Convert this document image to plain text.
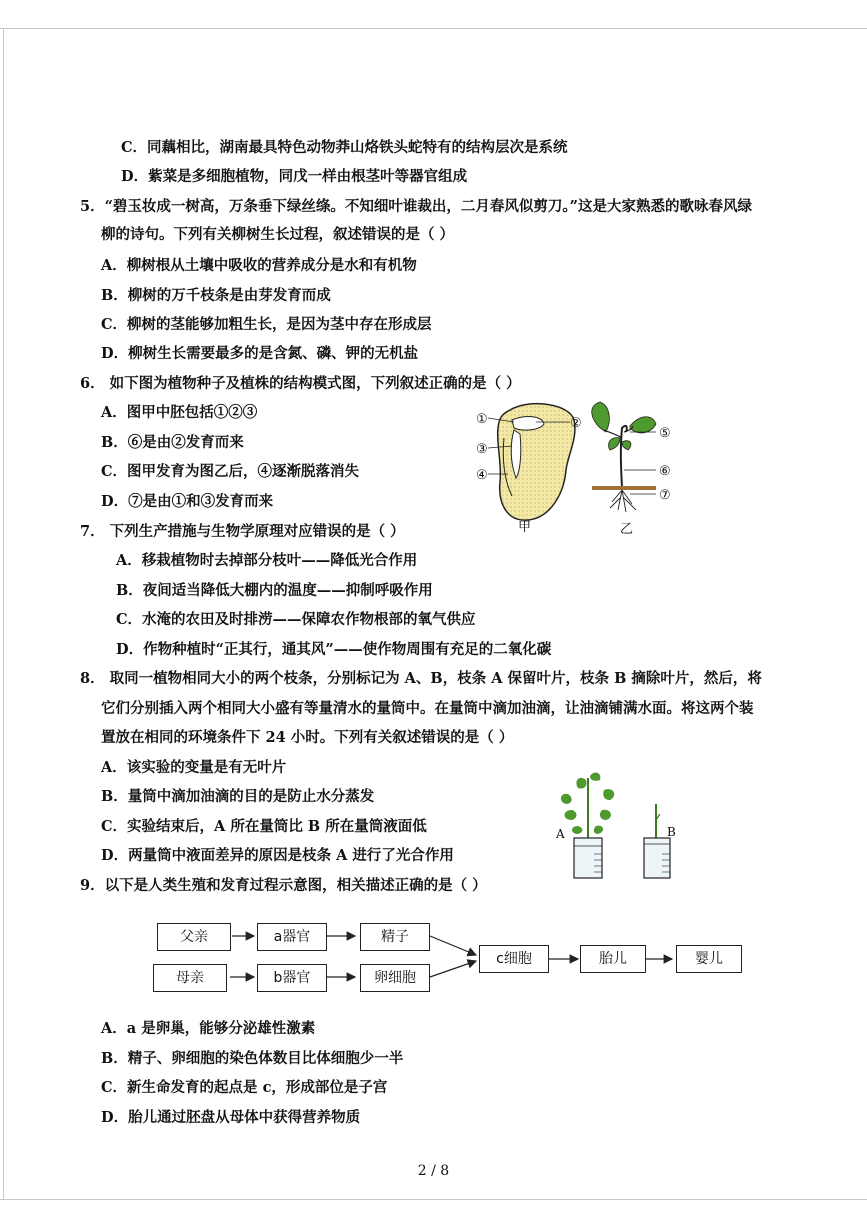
C．同藕相比，湖南最具特色动物莽山烙铁头蛇特有的结构层次是系统
D．紫菜是多细胞植物，同戊一样由根茎叶等器官组成
5．“碧玉妆成一树高，万条垂下绿丝绦。不知细叶谁裁出，二月春风似剪刀。”这是大家熟悉的歌咏春风绿
柳的诗句。下列有关柳树生长过程，叙述错误的是（ ）
A．柳树根从土壤中吸收的营养成分是水和有机物
B．柳树的万千枝条是由芽发育而成
C．柳树的茎能够加粗生长，是因为茎中存在形成层
D．柳树生长需要最多的是含氮、磷、钾的无机盐
6． 如下图为植物种子及植株的结构模式图，下列叙述正确的是（ ）
A．图甲中胚包括①②③
B．⑥是由②发育而来
C．图甲发育为图乙后，④逐渐脱落消失
D．⑦是由①和③发育而来
①	②
③
④
⑤
⑥
⑦
甲	乙
7． 下列生产措施与生物学原理对应错误的是（ ）
A．移栽植物时去掉部分枝叶——降低光合作用
B．夜间适当降低大棚内的温度——抑制呼吸作用
C．水淹的农田及时排涝——保障农作物根部的氧气供应
D．作物种植时“正其行，通其风”——使作物周围有充足的二氧化碳
8． 取同一植物相同大小的两个枝条，分别标记为 A、B，枝条 A 保留叶片，枝条 B 摘除叶片，然后，将
它们分别插入两个相同大小盛有等量清水的量筒中。在量筒中滴加油滴，让油滴铺满水面。将这两个装
置放在相同的环境条件下 24 小时。下列有关叙述错误的是（ ）
A．该实验的变量是有无叶片
B．量筒中滴加油滴的目的是防止水分蒸发
C．实验结束后，A 所在量筒比 B 所在量筒液面低
D．两量筒中液面差异的原因是枝条 A 进行了光合作用
A	B
9．以下是人类生殖和发育过程示意图，相关描述正确的是（ ）
父亲	a器官	精子
母亲	b器官	卵细胞
c细胞	胎儿	婴儿
A．a 是卵巢，能够分泌雄性激素
B．精子、卵细胞的染色体数目比体细胞少一半
C．新生命发育的起点是 c，形成部位是子宫
D．胎儿通过胚盘从母体中获得营养物质
2 / 8
